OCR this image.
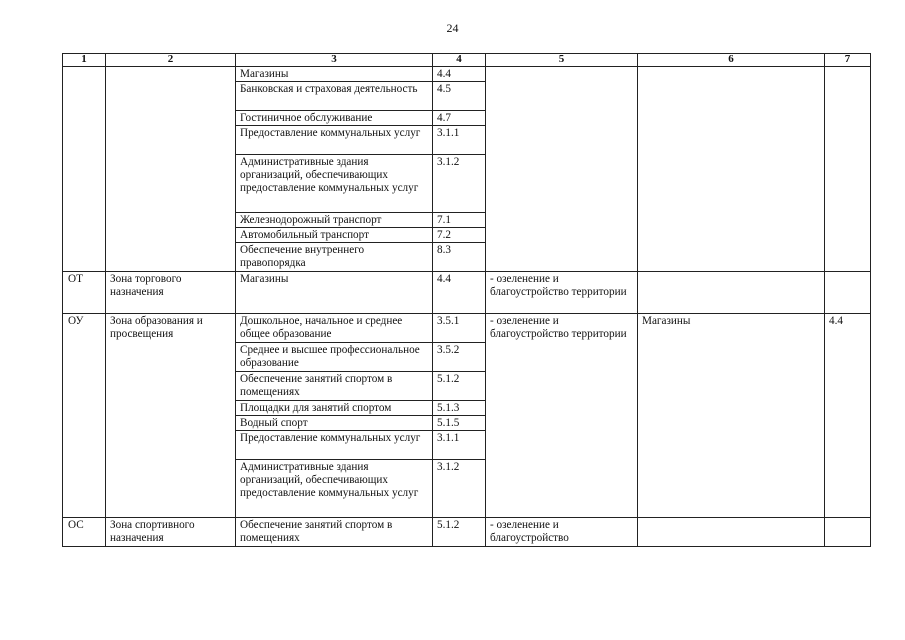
24
1	2	3	4	5	6	7
		Магазины	4.4			
		Банковская и страховая деятельность	4.5			
		Гостиничное обслуживание	4.7			
		Предоставление коммунальных услуг	3.1.1			
		Административные здания организаций, обеспечивающих предоставление коммунальных услуг	3.1.2			
		Железнодорожный транспорт	7.1			
		Автомобильный транспорт	7.2			
		Обеспечение внутреннего правопорядка	8.3			
ОТ	Зона торгового назначения	Магазины	4.4	- озеленение и благоустройство территории		
ОУ	Зона образования и просвещения	Дошкольное, начальное и среднее общее образование	3.5.1	- озеленение и благоустройство территории	Магазины	4.4
		Среднее и высшее профессиональное образование	3.5.2			
		Обеспечение занятий спортом в помещениях	5.1.2			
		Площадки для занятий спортом	5.1.3			
		Водный спорт	5.1.5			
		Предоставление коммунальных услуг	3.1.1			
		Административные здания организаций, обеспечивающих предоставление коммунальных услуг	3.1.2			
ОС	Зона спортивного назначения	Обеспечение занятий спортом в помещениях	5.1.2	- озеленение и благоустройство		
